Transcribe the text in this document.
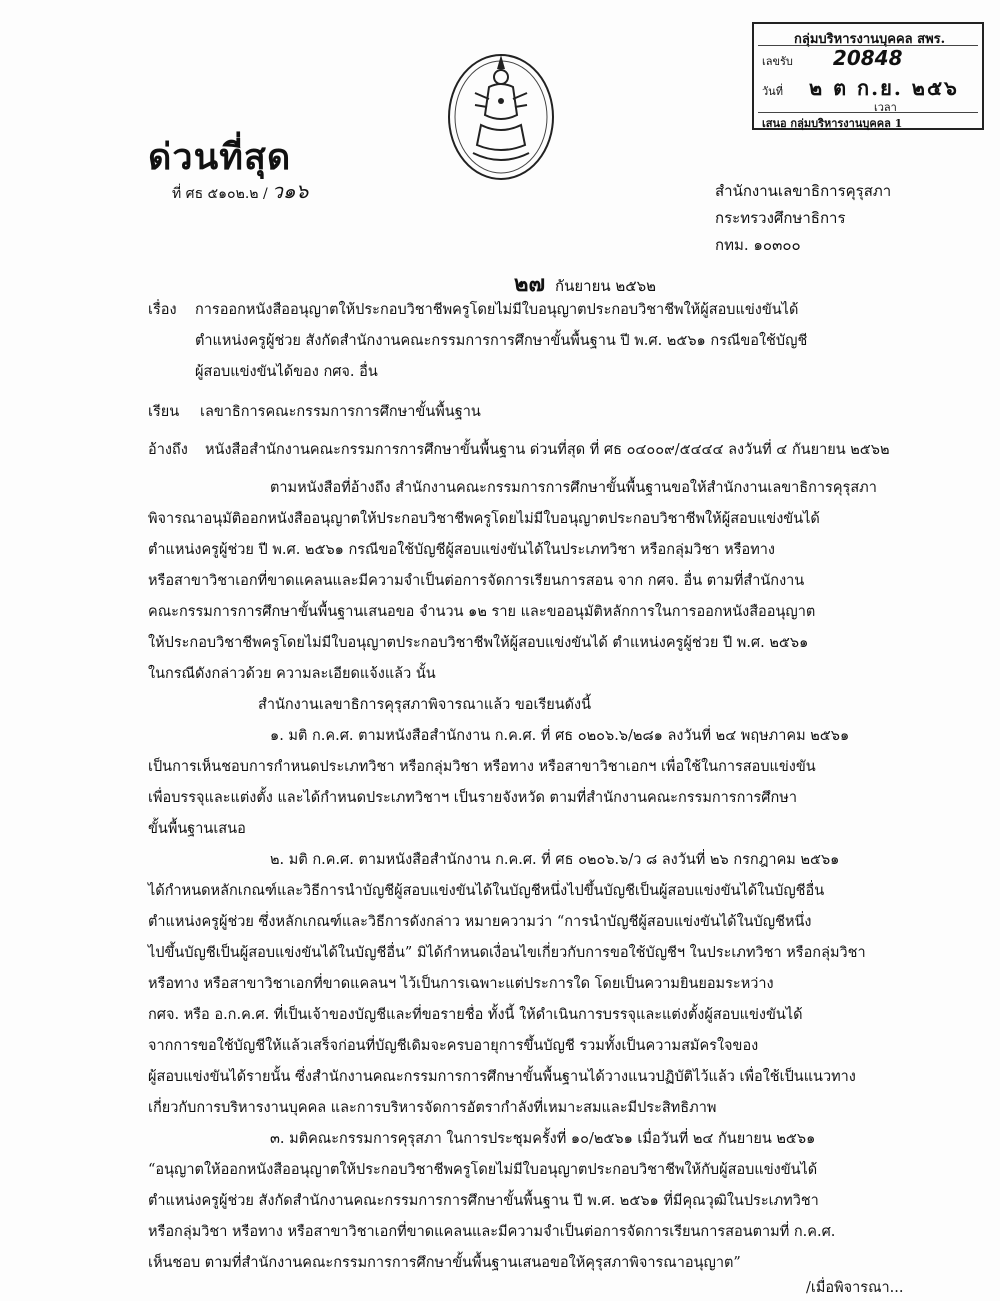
กลุ่มบริหารงานบุคคล สพร.
เลขรับ 20848
วันที่ ๒ ต ก.ย. ๒๕๖
เวลา
เสนอ กลุ่มบริหารงานบุคคล 1
ด่วนที่สุด
ที่ ศธ ๕๑๐๒.๒ / ว๑๖	สำนักงานเลขาธิการคุรุสภา
กระทรวงศึกษาธิการ
กทม. ๑๐๓๐๐
๒๗ กันยายน ๒๕๖๒
เรื่อง การออกหนังสืออนุญาตให้ประกอบวิชาชีพครูโดยไม่มีใบอนุญาตประกอบวิชาชีพให้ผู้สอบแข่งขันได้
ตำแหน่งครูผู้ช่วย สังกัดสำนักงานคณะกรรมการการศึกษาขั้นพื้นฐาน ปี พ.ศ. ๒๕๖๑ กรณีขอใช้บัญชี
ผู้สอบแข่งขันได้ของ กศจ. อื่น
เรียน เลขาธิการคณะกรรมการการศึกษาขั้นพื้นฐาน
อ้างถึง หนังสือสำนักงานคณะกรรมการการศึกษาขั้นพื้นฐาน ด่วนที่สุด ที่ ศธ ๐๔๐๐๙/๕๔๔๔ ลงวันที่ ๔ กันยายน ๒๕๖๒
ตามหนังสือที่อ้างถึง สำนักงานคณะกรรมการการศึกษาขั้นพื้นฐานขอให้สำนักงานเลขาธิการคุรุสภา
พิจารณาอนุมัติออกหนังสืออนุญาตให้ประกอบวิชาชีพครูโดยไม่มีใบอนุญาตประกอบวิชาชีพให้ผู้สอบแข่งขันได้
ตำแหน่งครูผู้ช่วย ปี พ.ศ. ๒๕๖๑ กรณีขอใช้บัญชีผู้สอบแข่งขันได้ในประเภทวิชา หรือกลุ่มวิชา หรือทาง
หรือสาขาวิชาเอกที่ขาดแคลนและมีความจำเป็นต่อการจัดการเรียนการสอน จาก กศจ. อื่น ตามที่สำนักงาน
คณะกรรมการการศึกษาขั้นพื้นฐานเสนอขอ จำนวน ๑๒ ราย และขออนุมัติหลักการในการออกหนังสืออนุญาต
ให้ประกอบวิชาชีพครูโดยไม่มีใบอนุญาตประกอบวิชาชีพให้ผู้สอบแข่งขันได้ ตำแหน่งครูผู้ช่วย ปี พ.ศ. ๒๕๖๑
ในกรณีดังกล่าวด้วย ความละเอียดแจ้งแล้ว นั้น
สำนักงานเลขาธิการคุรุสภาพิจารณาแล้ว ขอเรียนดังนี้
๑. มติ ก.ค.ศ. ตามหนังสือสำนักงาน ก.ค.ศ. ที่ ศธ ๐๒๐๖.๖/๒๘๑ ลงวันที่ ๒๔ พฤษภาคม ๒๕๖๑
เป็นการเห็นชอบการกำหนดประเภทวิชา หรือกลุ่มวิชา หรือทาง หรือสาขาวิชาเอกฯ เพื่อใช้ในการสอบแข่งขัน
เพื่อบรรจุและแต่งตั้ง และได้กำหนดประเภทวิชาฯ เป็นรายจังหวัด ตามที่สำนักงานคณะกรรมการการศึกษา
ขั้นพื้นฐานเสนอ
๒. มติ ก.ค.ศ. ตามหนังสือสำนักงาน ก.ค.ศ. ที่ ศธ ๐๒๐๖.๖/ว ๘ ลงวันที่ ๒๖ กรกฎาคม ๒๕๖๑
ได้กำหนดหลักเกณฑ์และวิธีการนำบัญชีผู้สอบแข่งขันได้ในบัญชีหนึ่งไปขึ้นบัญชีเป็นผู้สอบแข่งขันได้ในบัญชีอื่น
ตำแหน่งครูผู้ช่วย ซึ่งหลักเกณฑ์และวิธีการดังกล่าว หมายความว่า “การนำบัญชีผู้สอบแข่งขันได้ในบัญชีหนึ่ง
ไปขึ้นบัญชีเป็นผู้สอบแข่งขันได้ในบัญชีอื่น” มิได้กำหนดเงื่อนไขเกี่ยวกับการขอใช้บัญชีฯ ในประเภทวิชา หรือกลุ่มวิชา
หรือทาง หรือสาขาวิชาเอกที่ขาดแคลนฯ ไว้เป็นการเฉพาะแต่ประการใด โดยเป็นความยินยอมระหว่าง
กศจ. หรือ อ.ก.ค.ศ. ที่เป็นเจ้าของบัญชีและที่ขอรายชื่อ ทั้งนี้ ให้ดำเนินการบรรจุและแต่งตั้งผู้สอบแข่งขันได้
จากการขอใช้บัญชีให้แล้วเสร็จก่อนที่บัญชีเดิมจะครบอายุการขึ้นบัญชี รวมทั้งเป็นความสมัครใจของ
ผู้สอบแข่งขันได้รายนั้น ซึ่งสำนักงานคณะกรรมการการศึกษาขั้นพื้นฐานได้วางแนวปฏิบัติไว้แล้ว เพื่อใช้เป็นแนวทาง
เกี่ยวกับการบริหารงานบุคคล และการบริหารจัดการอัตรากำลังที่เหมาะสมและมีประสิทธิภาพ
๓. มติคณะกรรมการคุรุสภา ในการประชุมครั้งที่ ๑๐/๒๕๖๑ เมื่อวันที่ ๒๔ กันยายน ๒๕๖๑
“อนุญาตให้ออกหนังสืออนุญาตให้ประกอบวิชาชีพครูโดยไม่มีใบอนุญาตประกอบวิชาชีพให้กับผู้สอบแข่งขันได้
ตำแหน่งครูผู้ช่วย สังกัดสำนักงานคณะกรรมการการศึกษาขั้นพื้นฐาน ปี พ.ศ. ๒๕๖๑ ที่มีคุณวุฒิในประเภทวิชา
หรือกลุ่มวิชา หรือทาง หรือสาขาวิชาเอกที่ขาดแคลนและมีความจำเป็นต่อการจัดการเรียนการสอนตามที่ ก.ค.ศ.
เห็นชอบ ตามที่สำนักงานคณะกรรมการการศึกษาขั้นพื้นฐานเสนอขอให้คุรุสภาพิจารณาอนุญาต”
/เมื่อพิจารณา...
